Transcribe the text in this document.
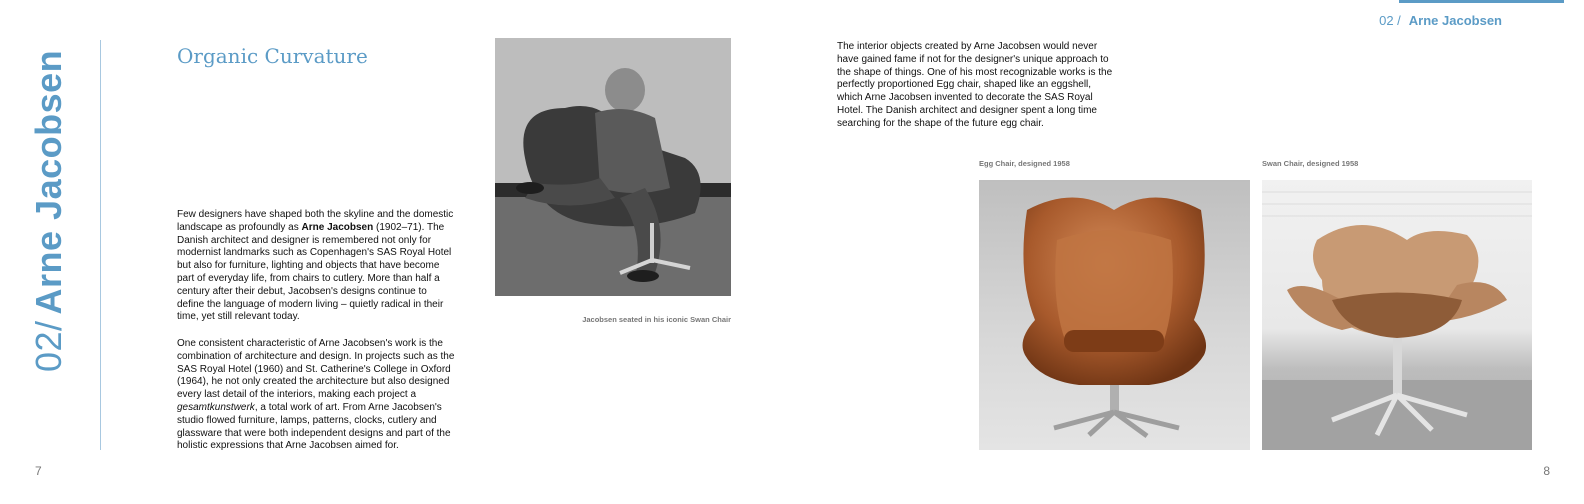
02/Arne Jacobsen	Organic Curvature

Few designers have shaped both the skyline and the domestic landscape as profoundly as Arne Jacobsen (1902–71). The Danish architect and designer is remembered not only for modernist landmarks such as Copenhagen's SAS Royal Hotel but also for furniture, lighting and objects that have become part of everyday life, from chairs to cutlery. More than half a century after their debut, Jacobsen's designs continue to define the language of modern living – quietly radical in their time, yet still relevant today.

One consistent characteristic of Arne Jacobsen's work is the combination of architecture and design. In projects such as the SAS Royal Hotel (1960) and St. Catherine's College in Oxford (1964), he not only created the architecture but also designed every last detail of the interiors, making each project a gesamtkunstwerk, a total work of art. From Arne Jacobsen's studio flowed furniture, lamps, patterns, clocks, cutlery and glassware that were both independent designs and part of the holistic expressions that Arne Jacobsen aimed for.

Jacobsen seated in his iconic Swan Chair
7
02 / Arne Jacobsen

The interior objects created by Arne Jacobsen would never have gained fame if not for the designer's unique approach to the shape of things. One of his most recognizable works is the perfectly proportioned Egg chair, shaped like an eggshell, which Arne Jacobsen invented to decorate the SAS Royal Hotel. The Danish architect and designer spent a long time searching for the shape of the future egg chair.

Egg Chair, designed 1958	Swan Chair, designed 1958
8
